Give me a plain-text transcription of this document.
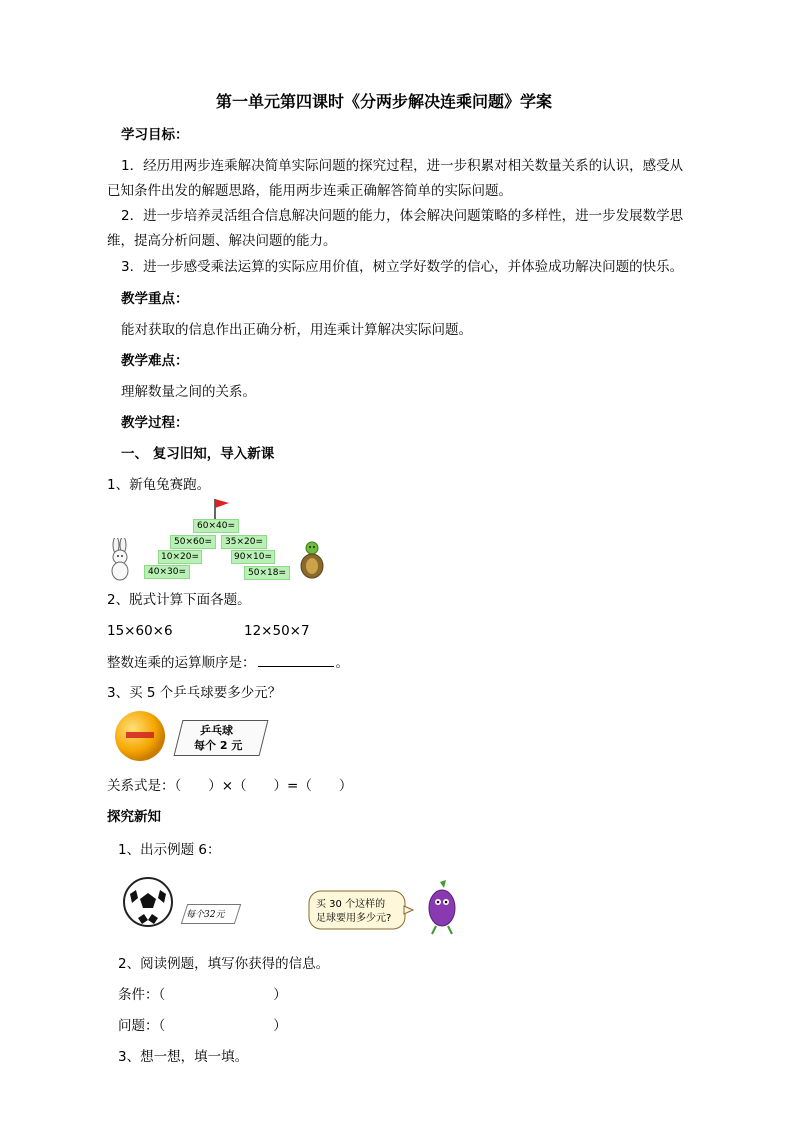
第一单元第四课时《分两步解决连乘问题》学案
学习目标：
1．经历用两步连乘解决简单实际问题的探究过程，进一步积累对相关数量关系的认识，感受从
已知条件出发的解题思路，能用两步连乘正确解答简单的实际问题。
2．进一步培养灵活组合信息解决问题的能力，体会解决问题策略的多样性，进一步发展数学思
维，提高分析问题、解决问题的能力。
3．进一步感受乘法运算的实际应用价值，树立学好数学的信心，并体验成功解决问题的快乐。
教学重点：
能对获取的信息作出正确分析，用连乘计算解决实际问题。
教学难点：
理解数量之间的关系。
教学过程：
一、 复习旧知，导入新课
1、新龟兔赛跑。
60×40=
50×60=	35×20=
10×20=	90×10=
40×30=	50×18=
2、脱式计算下面各题。
15×60×6	12×50×7
整数连乘的运算顺序是：	。
3、买 5 个乒乓球要多少元？
乒乓球
每个 2 元
关系式是：（　　）×（　　）=（　　）
探究新知
1、出示例题 6：
每个32元
买 30 个这样的
足球要用多少元?
2、阅读例题，填写你获得的信息。
条件：（　　　　　　　　）
问题：（　　　　　　　　）
3、想一想，填一填。
